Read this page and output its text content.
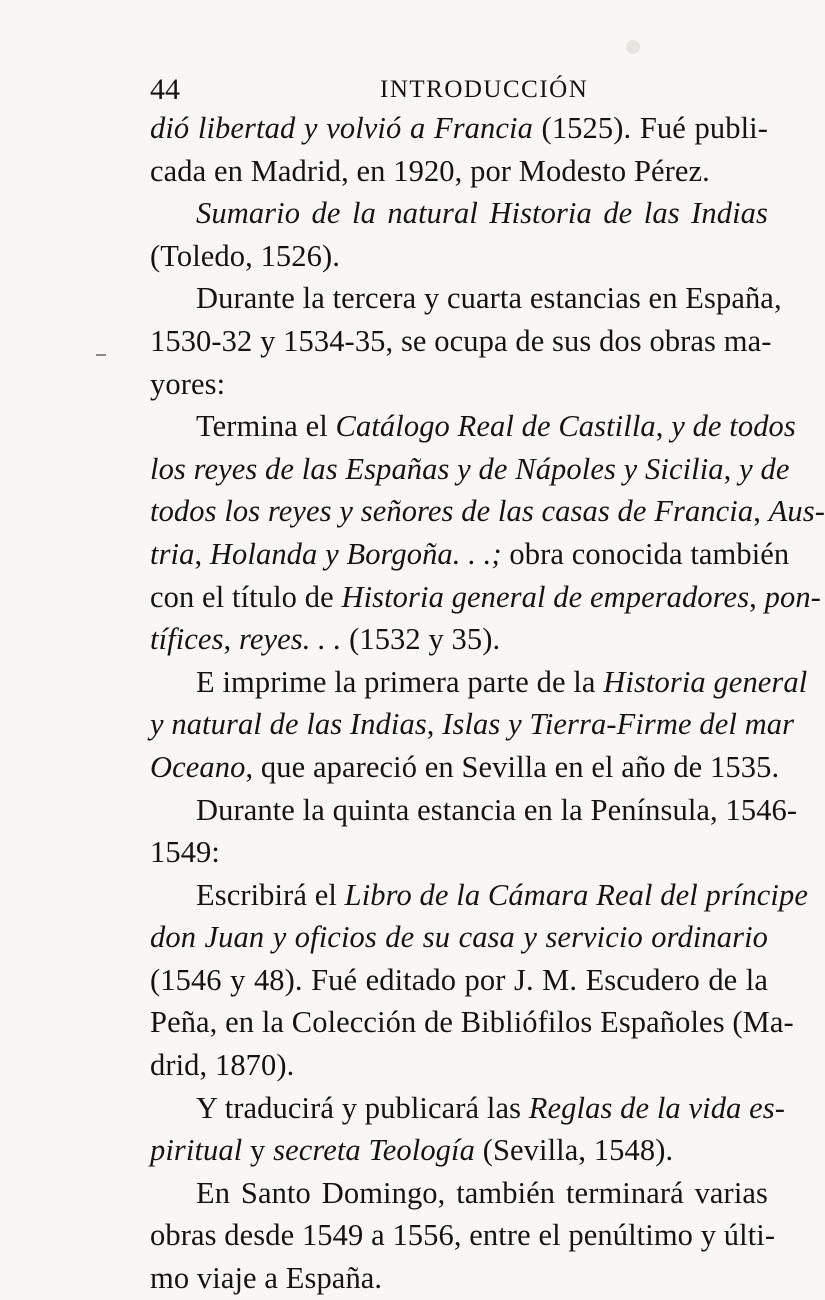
44	INTRODUCCIÓN
dió libertad y volvió a Francia (1525). Fué publi-
cada en Madrid, en 1920, por Modesto Pérez.
Sumario de la natural Historia de las Indias
(Toledo, 1526).
Durante la tercera y cuarta estancias en España,
1530-32 y 1534-35, se ocupa de sus dos obras ma-
yores:
Termina el Catálogo Real de Castilla, y de todos
los reyes de las Españas y de Nápoles y Sicilia, y de
todos los reyes y señores de las casas de Francia, Aus-
tria, Holanda y Borgoña. . .; obra conocida también
con el título de Historia general de emperadores, pon-
tífices, reyes. . . (1532 y 35).
E imprime la primera parte de la Historia general
y natural de las Indias, Islas y Tierra-Firme del mar
Oceano, que apareció en Sevilla en el año de 1535.
Durante la quinta estancia en la Península, 1546-
1549:
Escribirá el Libro de la Cámara Real del príncipe
don Juan y oficios de su casa y servicio ordinario
(1546 y 48). Fué editado por J. M. Escudero de la
Peña, en la Colección de Bibliófilos Españoles (Ma-
drid, 1870).
Y traducirá y publicará las Reglas de la vida es-
piritual y secreta Teología (Sevilla, 1548).
En Santo Domingo, también terminará varias
obras desde 1549 a 1556, entre el penúltimo y últi-
mo viaje a España.
